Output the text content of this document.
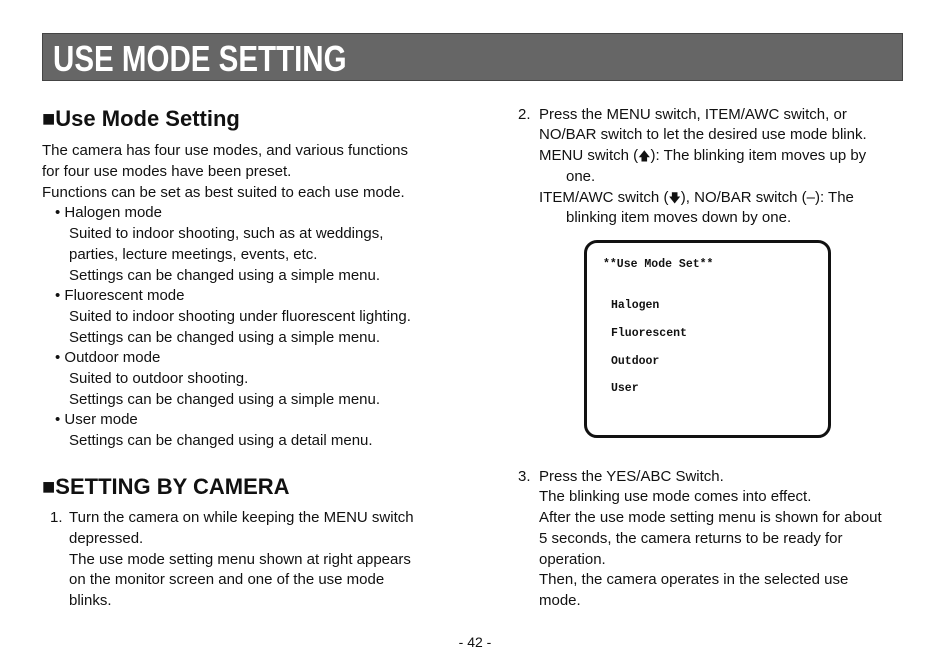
USE MODE SETTING
■Use Mode Setting
The camera has four use modes, and various functions
for four use modes have been preset.
Functions can be set as best suited to each use mode.
• Halogen mode
Suited to indoor shooting, such as at weddings,
parties, lecture meetings, events, etc.
Settings can be changed using a simple menu.
• Fluorescent mode
Suited to indoor shooting under fluorescent lighting.
Settings can be changed using a simple menu.
• Outdoor mode
Suited to outdoor shooting.
Settings can be changed using a simple menu.
• User mode
Settings can be changed using a detail menu.
■SETTING BY CAMERA
1. Turn the camera on while keeping the MENU switch
depressed.
The use mode setting menu shown at right appears
on the monitor screen and one of the use mode
blinks.
2. Press the MENU switch, ITEM/AWC switch, or
NO/BAR switch to let the desired use mode blink.
MENU switch (🡅): The blinking item moves up by
one.
ITEM/AWC switch (🡇), NO/BAR switch (–): The
blinking item moves down by one.
**Use Mode Set**
Halogen
Fluorescent
Outdoor
User
3. Press the YES/ABC Switch.
The blinking use mode comes into effect.
After the use mode setting menu is shown for about
5 seconds, the camera returns to be ready for
operation.
Then, the camera operates in the selected use
mode.
- 42 -
